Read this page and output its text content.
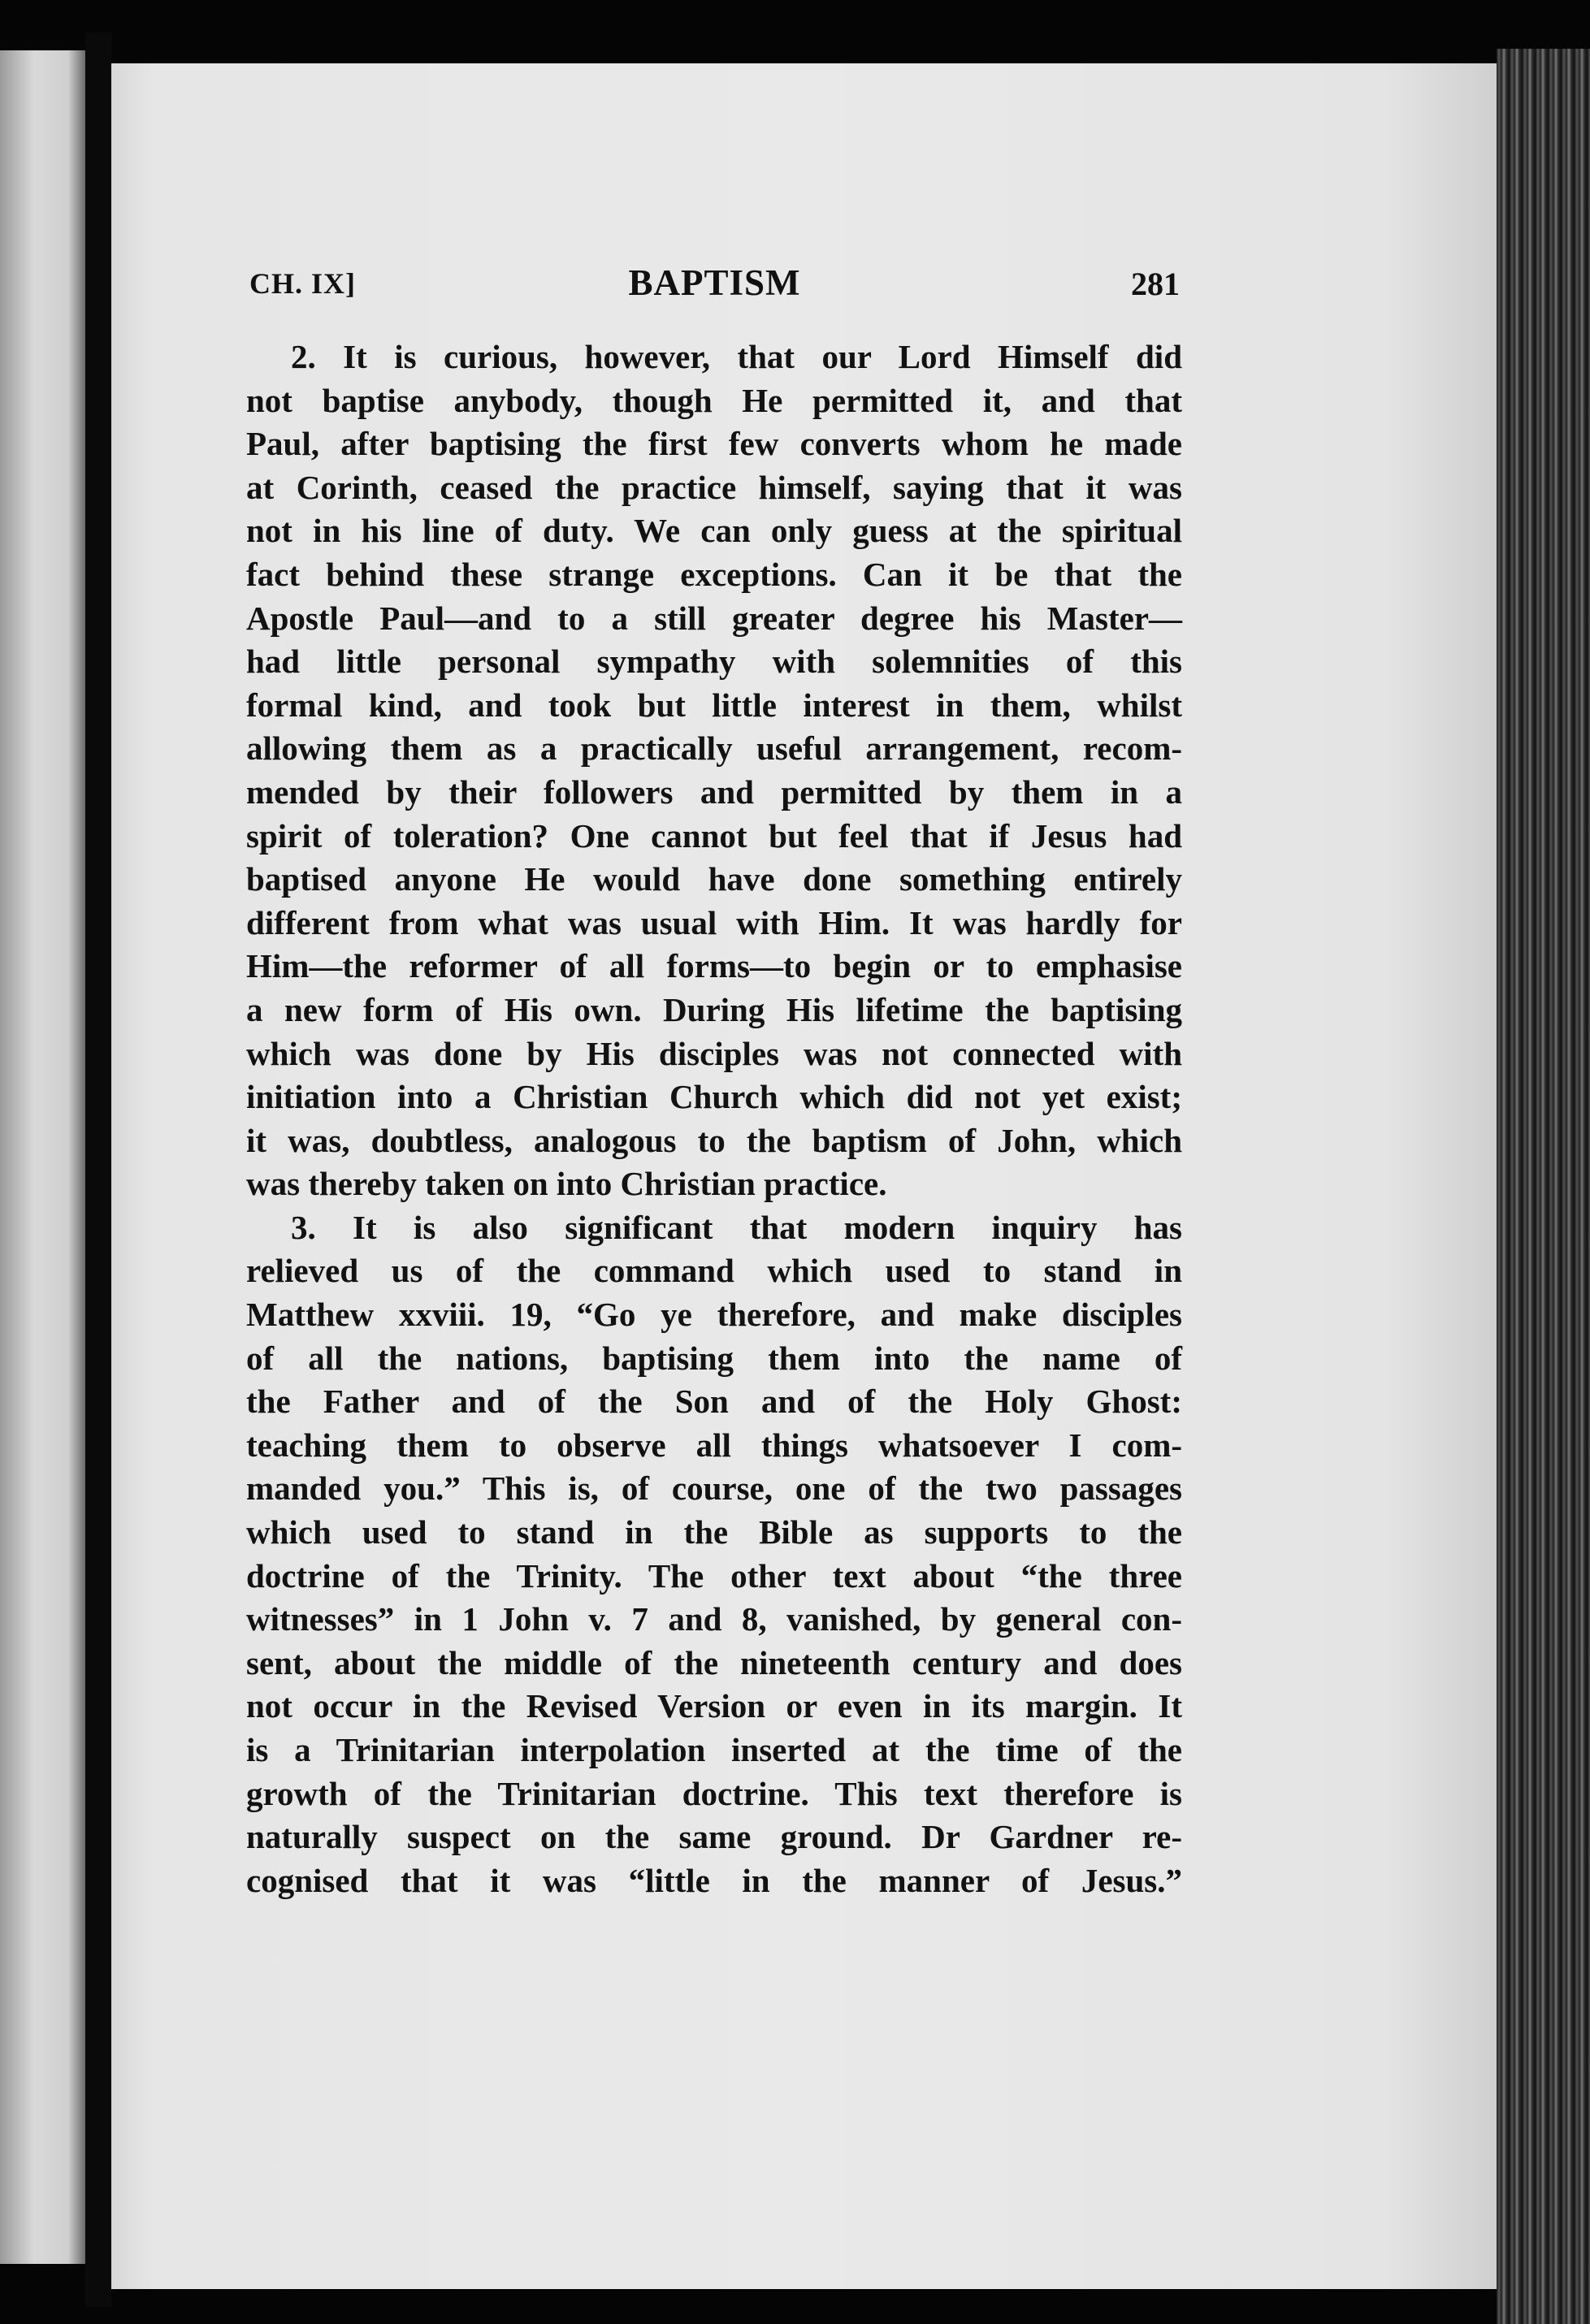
CH. IX]	BAPTISM	281
2. It is curious, however, that our Lord Himself did
not baptise anybody, though He permitted it, and that
Paul, after baptising the first few converts whom he made
at Corinth, ceased the practice himself, saying that it was
not in his line of duty. We can only guess at the spiritual
fact behind these strange exceptions. Can it be that the
Apostle Paul—and to a still greater degree his Master—
had little personal sympathy with solemnities of this
formal kind, and took but little interest in them, whilst
allowing them as a practically useful arrangement, recom-
mended by their followers and permitted by them in a
spirit of toleration? One cannot but feel that if Jesus had
baptised anyone He would have done something entirely
different from what was usual with Him. It was hardly for
Him—the reformer of all forms—to begin or to emphasise
a new form of His own. During His lifetime the baptising
which was done by His disciples was not connected with
initiation into a Christian Church which did not yet exist;
it was, doubtless, analogous to the baptism of John, which
was thereby taken on into Christian practice.
3. It is also significant that modern inquiry has
relieved us of the command which used to stand in
Matthew xxviii. 19, “Go ye therefore, and make disciples
of all the nations, baptising them into the name of
the Father and of the Son and of the Holy Ghost:
teaching them to observe all things whatsoever I com-
manded you.” This is, of course, one of the two passages
which used to stand in the Bible as supports to the
doctrine of the Trinity. The other text about “the three
witnesses” in 1 John v. 7 and 8, vanished, by general con-
sent, about the middle of the nineteenth century and does
not occur in the Revised Version or even in its margin. It
is a Trinitarian interpolation inserted at the time of the
growth of the Trinitarian doctrine. This text therefore is
naturally suspect on the same ground. Dr Gardner re-
cognised that it was “little in the manner of Jesus.”
